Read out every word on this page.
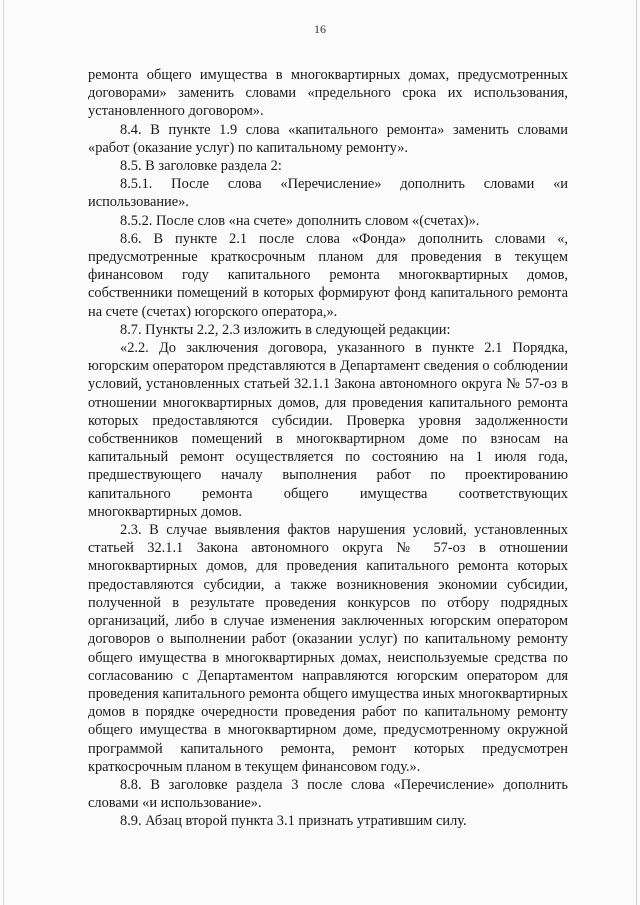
16

ремонта общего имущества в многоквартирных домах, предусмотренных договорами» заменить словами «предельного срока их использования, установленного договором».

8.4. В пункте 1.9 слова «капитального ремонта» заменить словами «работ (оказание услуг) по капитальному ремонту».

8.5. В заголовке раздела 2:

8.5.1. После слова «Перечисление» дополнить словами «и использование».

8.5.2. После слов «на счете» дополнить словом «(счетах)».

8.6. В пункте 2.1 после слова «Фонда» дополнить словами «, предусмотренные краткосрочным планом для проведения в текущем финансовом году капитального ремонта многоквартирных домов, собственники помещений в которых формируют фонд капитального ремонта на счете (счетах) югорского оператора,».

8.7. Пункты 2.2, 2.3 изложить в следующей редакции:

«2.2. До заключения договора, указанного в пункте 2.1 Порядка, югорским оператором представляются в Департамент сведения о соблюдении условий, установленных статьей 32.1.1 Закона автономного округа № 57-оз в отношении многоквартирных домов, для проведения капитального ремонта которых предоставляются субсидии. Проверка уровня задолженности собственников помещений в многоквартирном доме по взносам на капитальный ремонт осуществляется по состоянию на 1 июля года, предшествующего началу выполнения работ по проектированию капитального ремонта общего имущества соответствующих многоквартирных домов.

2.3. В случае выявления фактов нарушения условий, установленных статьей 32.1.1 Закона автономного округа № 57-оз в отношении многоквартирных домов, для проведения капитального ремонта которых предоставляются субсидии, а также возникновения экономии субсидии, полученной в результате проведения конкурсов по отбору подрядных организаций, либо в случае изменения заключенных югорским оператором договоров о выполнении работ (оказании услуг) по капитальному ремонту общего имущества в многоквартирных домах, неиспользуемые средства по согласованию с Департаментом направляются югорским оператором для проведения капитального ремонта общего имущества иных многоквартирных домов в порядке очередности проведения работ по капитальному ремонту общего имущества в многоквартирном доме, предусмотренному окружной программой капитального ремонта, ремонт которых предусмотрен краткосрочным планом в текущем финансовом году.».

8.8. В заголовке раздела 3 после слова «Перечисление» дополнить словами «и использование».

8.9. Абзац второй пункта 3.1 признать утратившим силу.
